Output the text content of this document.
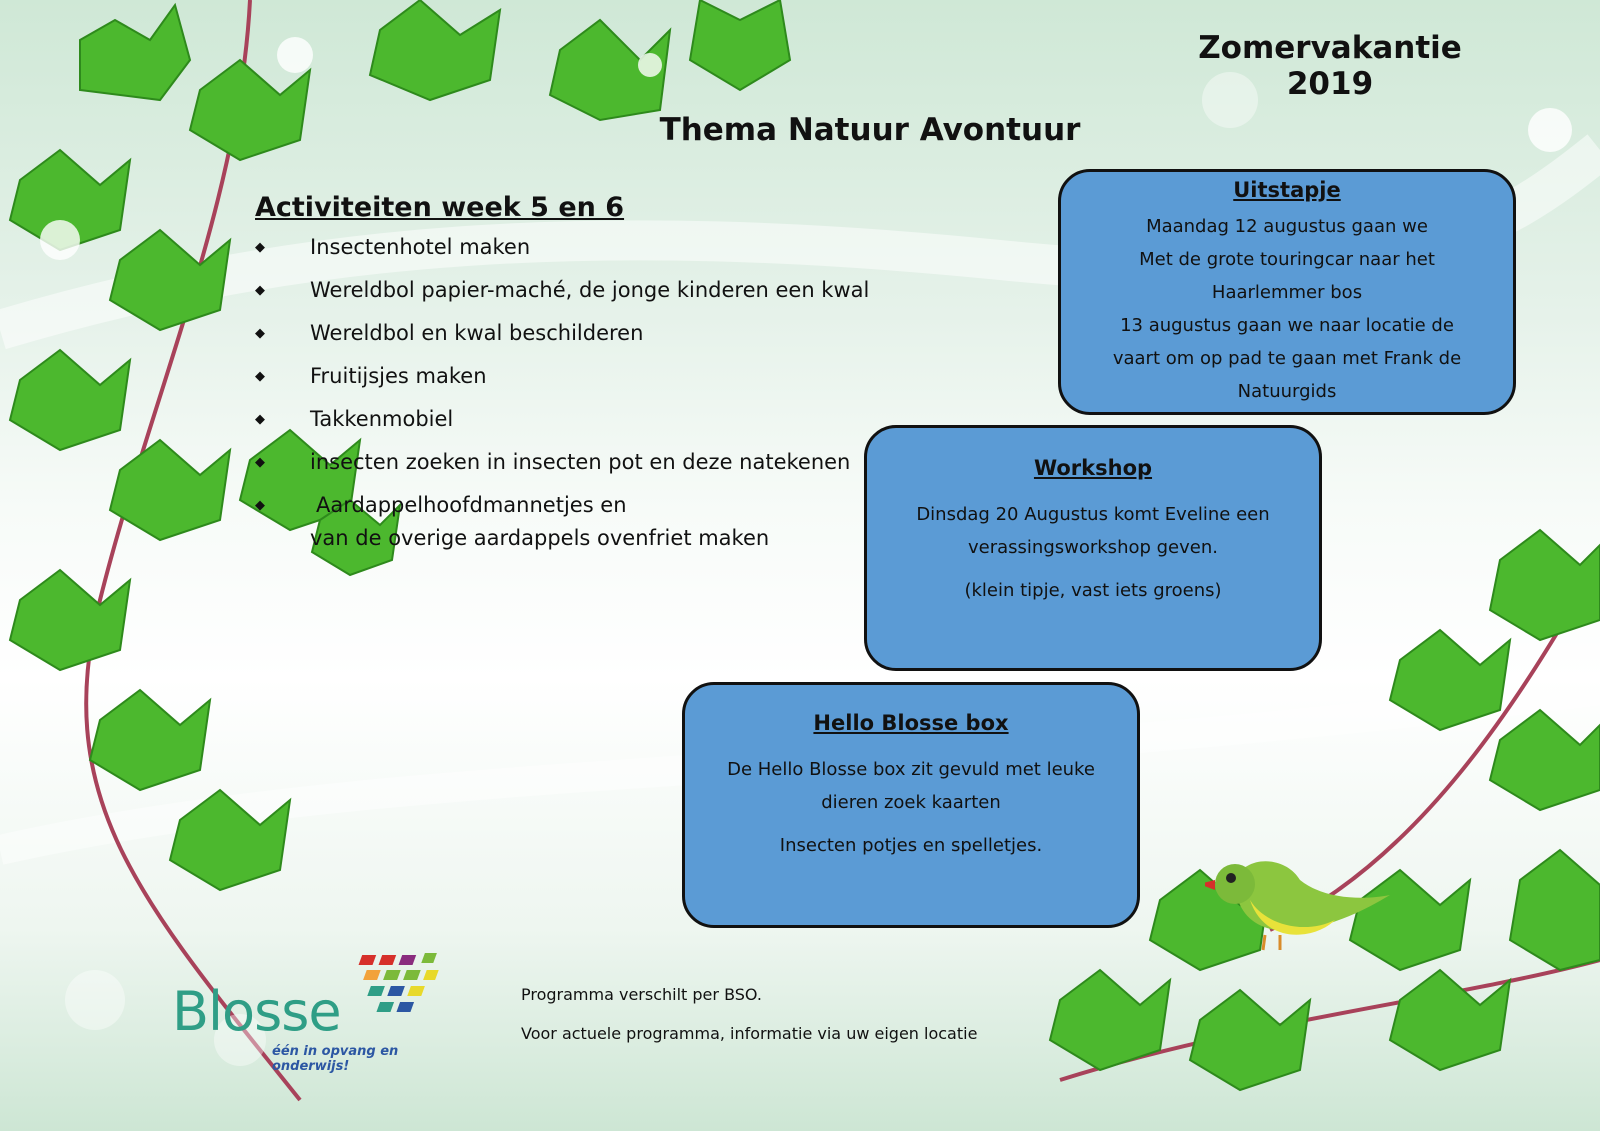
Zomervakantie 2019
Thema Natuur Avontuur
Activiteiten week 5 en 6
◆ Insectenhotel maken
◆ Wereldbol papier-maché, de jonge kinderen een kwal
◆ Wereldbol en kwal beschilderen
◆ Fruitijsjes maken
◆ Takkenmobiel
◆ insecten zoeken in insecten pot en deze natekenen
◆ Aardappelhoofdmannetjes en
van de overige aardappels ovenfriet maken
Uitstapje

Maandag 12 augustus gaan we

Met de grote touringcar naar het

Haarlemmer bos

13 augustus gaan we naar locatie de

vaart om op pad te gaan met Frank de

Natuurgids

Workshop

Dinsdag 20 Augustus komt Eveline een

verassingsworkshop geven.

(klein tipje, vast iets groens)

Hello Blosse box

De Hello Blosse box zit gevuld met leuke

dieren zoek kaarten

Insecten potjes en spelletjes.

Blosse
één in opvang en onderwijs!
Programma verschilt per BSO.
Voor actuele programma, informatie via uw eigen locatie
